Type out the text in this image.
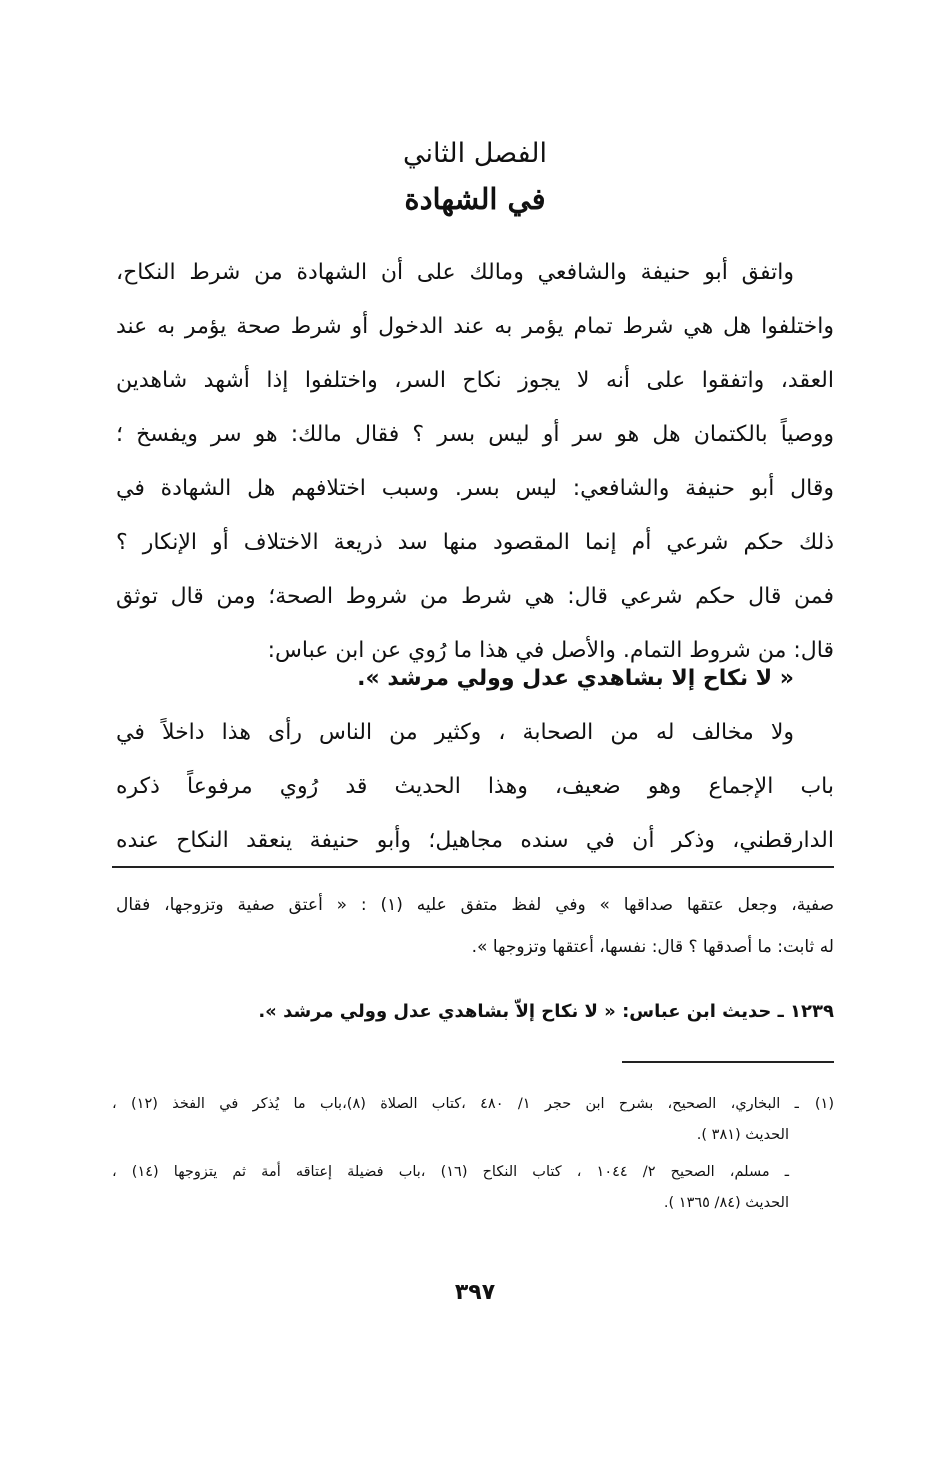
الفصل الثاني
في الشهادة
واتفق أبو حنيفة والشافعي ومالك على أن الشهادة من شرط النكاح،
واختلفوا هل هي شرط تمام يؤمر به عند الدخول أو شرط صحة يؤمر به عند
العقد، واتفقوا على أنه لا يجوز نكاح السر، واختلفوا إذا أشهد شاهدين
ووصياً بالكتمان هل هو سر أو ليس بسر ؟ فقال مالك: هو سر ويفسخ ؛
وقال أبو حنيفة والشافعي: ليس بسر. وسبب اختلافهم هل الشهادة في
ذلك حكم شرعي أم إنما المقصود منها سد ذريعة الاختلاف أو الإنكار ؟
فمن قال حكم شرعي قال: هي شرط من شروط الصحة؛ ومن قال توثق
قال: من شروط التمام. والأصل في هذا ما رُوي عن ابن عباس:
« لا نكاح إلا بشاهدي عدل وولي مرشد ».
ولا مخالف له من الصحابة ، وكثير من الناس رأى هذا داخلاً في
باب الإجماع وهو ضعيف، وهذا الحديث قد رُوي مرفوعاً ذكره
الدارقطني، وذكر أن في سنده مجاهيل؛ وأبو حنيفة ينعقد النكاح عنده
صفية، وجعل عتقها صداقها » وفي لفظ متفق عليه (١) : « أعتق صفية وتزوجها، فقال
له ثابت: ما أصدقها ؟ قال: نفسها، أعتقها وتزوجها ».
١٢٣٩ ـ حديث ابن عباس: « لا نكاح إلاّ بشاهدي عدل وولي مرشد ».
(١)ـ البخاري، الصحيح، بشرح ابن حجر ١/ ٤٨٠ ،كتاب الصلاة (٨)،باب ما يُذكر في الفخذ (١٢) ،
الحديث (٣٨١ ).
ـ مسلم، الصحيح ٢/ ١٠٤٤ ، كتاب النكاح (١٦) ،باب فضيلة إعتاقه أمة ثم يتزوجها (١٤) ،
الحديث (٨٤/ ١٣٦٥ ).
٣٩٧
